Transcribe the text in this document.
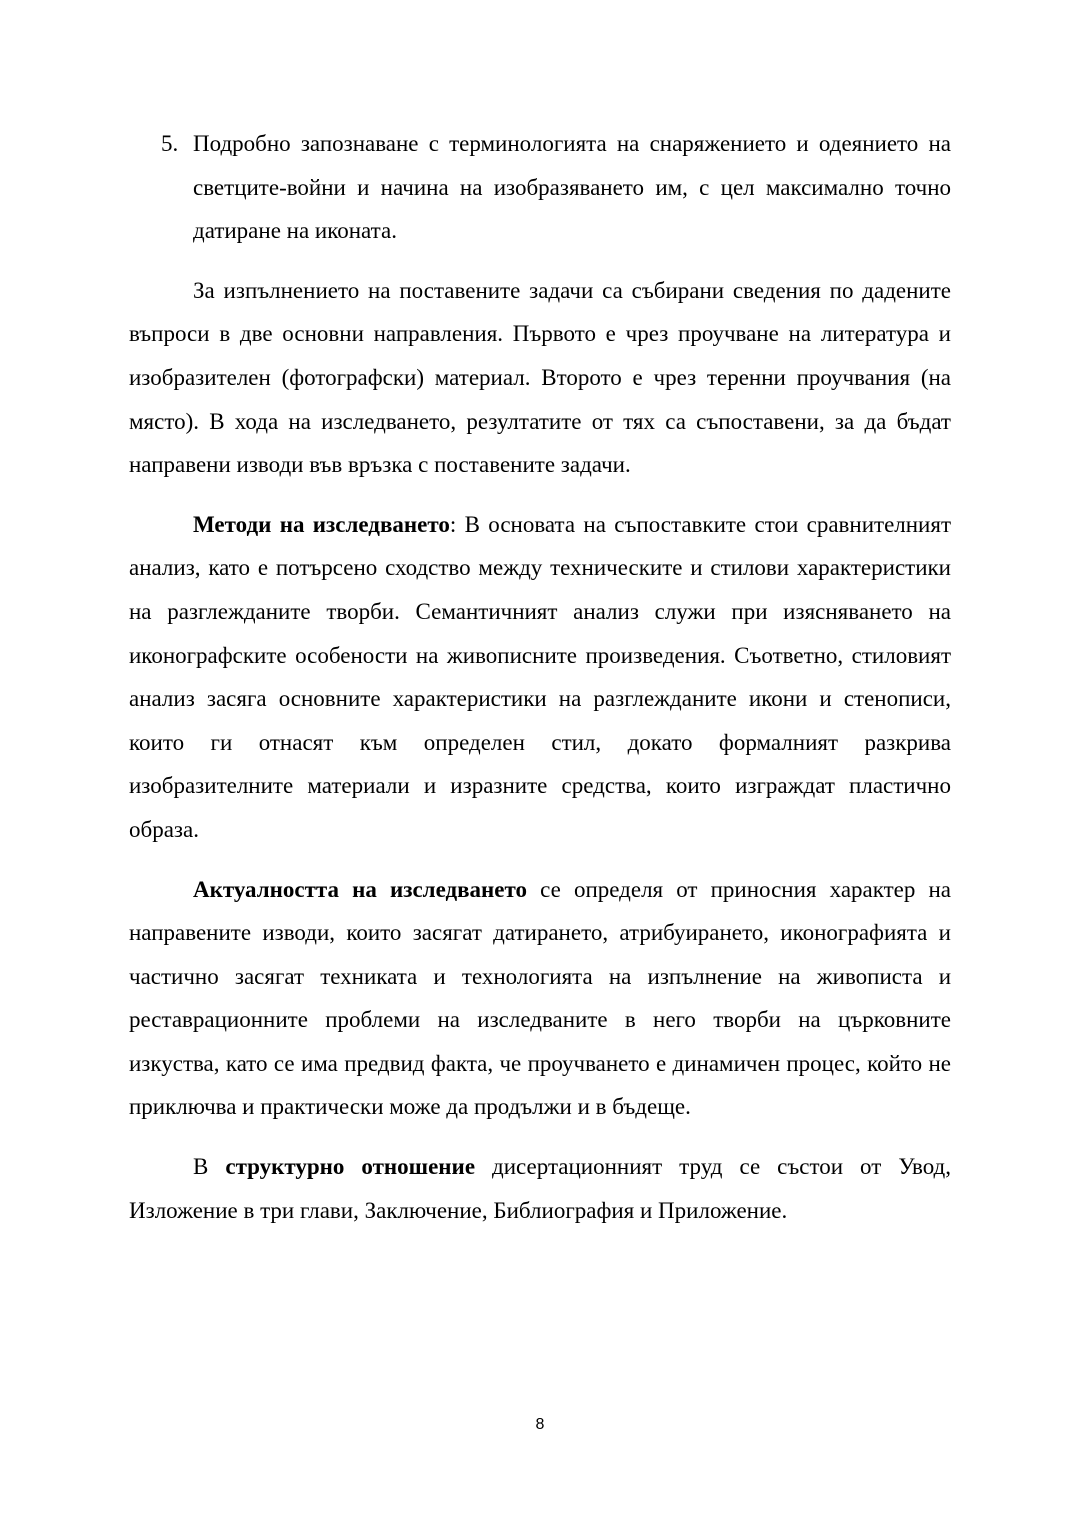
5. Подробно запознаване с терминологията на снаряжението и одеянието на светците-войни и начина на изобразяването им, с цел максимално точно датиране на иконата.

За изпълнението на поставените задачи са събирани сведения по дадените въпроси в две основни направления. Първото е чрез проучване на литература и изобразителен (фотографски) материал. Второто е чрез теренни проучвания (на място). В хода на изследването, резултатите от тях са съпоставени, за да бъдат направени изводи във връзка с поставените задачи.

Методи на изследването: В основата на съпоставките стои сравнителният анализ, като е потърсено сходство между техническите и стилови характеристики на разглежданите творби. Семантичният анализ служи при изясняването на иконографските особености на живописните произведения. Съответно, стиловият анализ засяга основните характеристики на разглежданите икони и стенописи, които ги отнасят към определен стил, докато формалният разкрива изобразителните материали и изразните средства, които изграждат пластично образа.

Актуалността на изследването се определя от приносния характер на направените изводи, които засягат датирането, атрибуирането, иконографията и частично засягат техниката и технологията на изпълнение на живописта и реставрационните проблеми на изследваните в него творби на църковните изкуства, като се има предвид факта, че проучването е динамичен процес, който не приключва и практически може да продължи и в бъдеще.

В структурно отношение дисертационният труд се състои от Увод, Изложение в три глави, Заключение, Библиография и Приложение.

8
